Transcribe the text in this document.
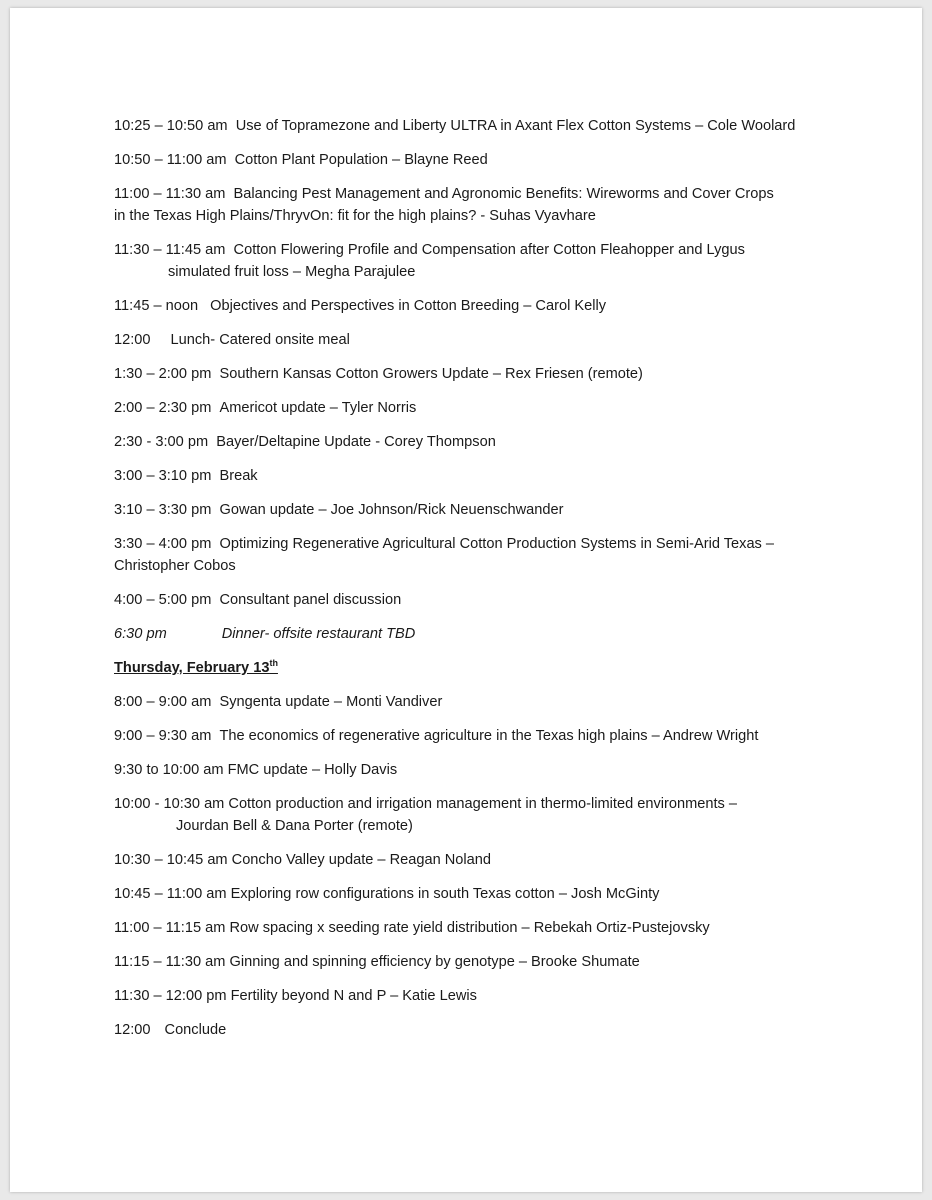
10:25 – 10:50 am Use of Topramezone and Liberty ULTRA in Axant Flex Cotton Systems – Cole Woolard
10:50 – 11:00 am Cotton Plant Population – Blayne Reed
11:00 – 11:30 am Balancing Pest Management and Agronomic Benefits: Wireworms and Cover Crops
in the Texas High Plains/ThryvOn: fit for the high plains? - Suhas Vyavhare
11:30 – 11:45 am Cotton Flowering Profile and Compensation after Cotton Fleahopper and Lygus
simulated fruit loss – Megha Parajulee
11:45 – noon Objectives and Perspectives in Cotton Breeding – Carol Kelly
12:00 Lunch- Catered onsite meal
1:30 – 2:00 pm Southern Kansas Cotton Growers Update – Rex Friesen (remote)
2:00 – 2:30 pm Americot update – Tyler Norris
2:30 - 3:00 pm Bayer/Deltapine Update - Corey Thompson
3:00 – 3:10 pm Break
3:10 – 3:30 pm Gowan update – Joe Johnson/Rick Neuenschwander
3:30 – 4:00 pm Optimizing Regenerative Agricultural Cotton Production Systems in Semi-Arid Texas –
Christopher Cobos
4:00 – 5:00 pm Consultant panel discussion
6:30 pm	Dinner- offsite restaurant TBD
Thursday, February 13th
8:00 – 9:00 am Syngenta update – Monti Vandiver
9:00 – 9:30 am The economics of regenerative agriculture in the Texas high plains – Andrew Wright
9:30 to 10:00 am FMC update – Holly Davis
10:00 - 10:30 am Cotton production and irrigation management in thermo-limited environments –
Jourdan Bell & Dana Porter (remote)
10:30 – 10:45 am Concho Valley update – Reagan Noland
10:45 – 11:00 am Exploring row configurations in south Texas cotton – Josh McGinty
11:00 – 11:15 am Row spacing x seeding rate yield distribution – Rebekah Ortiz-Pustejovsky
11:15 – 11:30 am Ginning and spinning efficiency by genotype – Brooke Shumate
11:30 – 12:00 pm Fertility beyond N and P – Katie Lewis
12:00 Conclude
